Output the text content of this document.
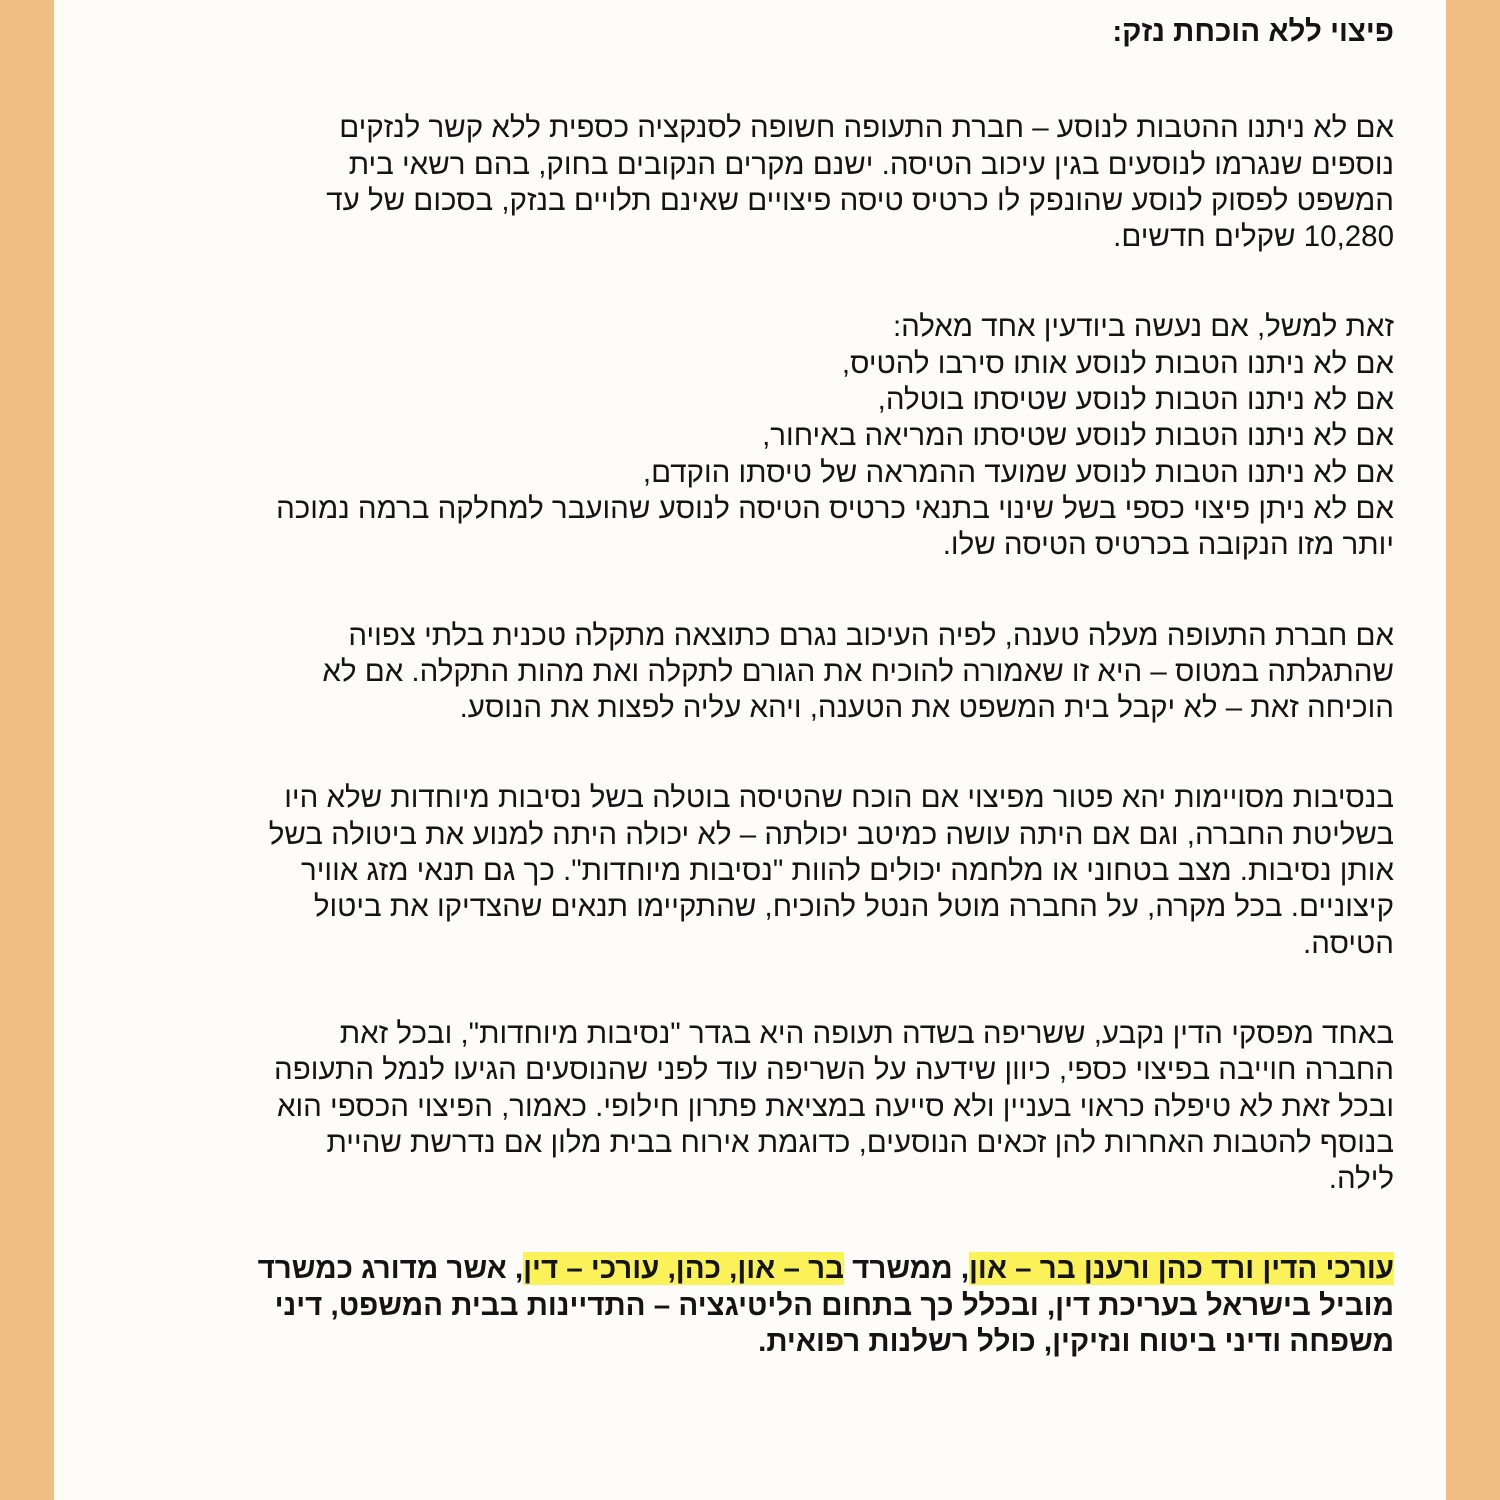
פיצוי ללא הוכחת נזק:
אם לא ניתנו ההטבות לנוסע – חברת התעופה חשופה לסנקציה כספית ללא קשר לנזקים
נוספים שנגרמו לנוסעים בגין עיכוב הטיסה. ישנם מקרים הנקובים בחוק, בהם רשאי בית
המשפט לפסוק לנוסע שהונפק לו כרטיס טיסה פיצויים שאינם תלויים בנזק, בסכום של עד
10,280 שקלים חדשים.
זאת למשל, אם נעשה ביודעין אחד מאלה:
אם לא ניתנו הטבות לנוסע אותו סירבו להטיס,
אם לא ניתנו הטבות לנוסע שטיסתו בוטלה,
אם לא ניתנו הטבות לנוסע שטיסתו המריאה באיחור,
אם לא ניתנו הטבות לנוסע שמועד ההמראה של טיסתו הוקדם,
אם לא ניתן פיצוי כספי בשל שינוי בתנאי כרטיס הטיסה לנוסע שהועבר למחלקה ברמה נמוכה
יותר מזו הנקובה בכרטיס הטיסה שלו.
אם חברת התעופה מעלה טענה, לפיה העיכוב נגרם כתוצאה מתקלה טכנית בלתי צפויה
שהתגלתה במטוס – היא זו שאמורה להוכיח את הגורם לתקלה ואת מהות התקלה. אם לא
הוכיחה זאת – לא יקבל בית המשפט את הטענה, ויהא עליה לפצות את הנוסע.
בנסיבות מסויימות יהא פטור מפיצוי אם הוכח שהטיסה בוטלה בשל נסיבות מיוחדות שלא היו
בשליטת החברה, וגם אם היתה עושה כמיטב יכולתה – לא יכולה היתה למנוע את ביטולה בשל
אותן נסיבות. מצב בטחוני או מלחמה יכולים להוות "נסיבות מיוחדות". כך גם תנאי מזג אוויר
קיצוניים. בכל מקרה, על החברה מוטל הנטל להוכיח, שהתקיימו תנאים שהצדיקו את ביטול
הטיסה.
באחד מפסקי הדין נקבע, ששריפה בשדה תעופה היא בגדר "נסיבות מיוחדות", ובכל זאת
החברה חוייבה בפיצוי כספי, כיוון שידעה על השריפה עוד לפני שהנוסעים הגיעו לנמל התעופה
ובכל זאת לא טיפלה כראוי בעניין ולא סייעה במציאת פתרון חילופי. כאמור, הפיצוי הכספי הוא
בנוסף להטבות האחרות להן זכאים הנוסעים, כדוגמת אירוח בבית מלון אם נדרשת שהיית
לילה.
עורכי הדין ורד כהן ורענן בר – און, ממשרד בר – און, כהן, עורכי – דין, אשר מדורג כמשרד
מוביל בישראל בעריכת דין, ובכלל כך בתחום הליטיגציה – התדיינות בבית המשפט, דיני
משפחה ודיני ביטוח ונזיקין, כולל רשלנות רפואית.
